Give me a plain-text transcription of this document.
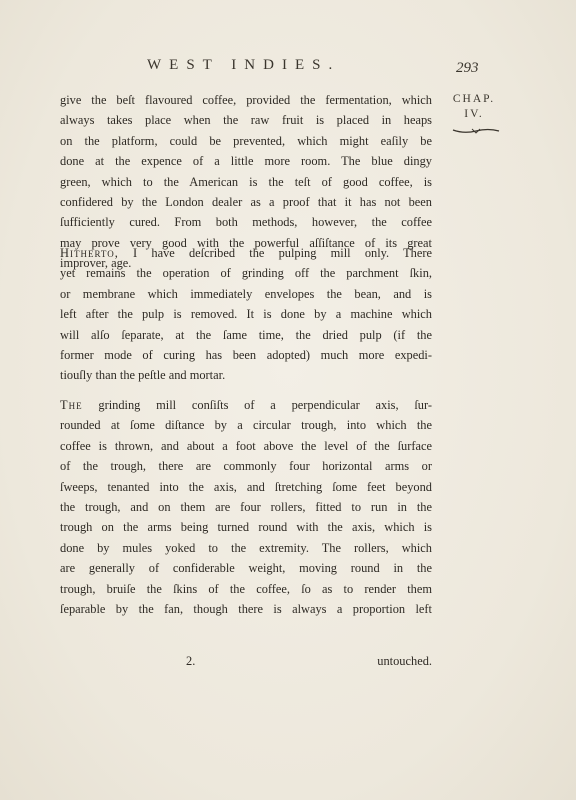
WEST INDIES.	293
CHAP.
IV.
give the beſt flavoured coffee, provided the fermentation, which
always takes place when the raw fruit is placed in heaps
on the platform, could be prevented, which might eaſily be
done at the expence of a little more room. The blue dingy
green, which to the American is the teſt of good coffee, is
confidered by the London dealer as a proof that it has not been
ſufficiently cured. From both methods, however, the coffee
may prove very good with the powerful aſſiſtance of its great
improver, age.
Hitherto, I have deſcribed the pulping mill only. There
yet remains the operation of grinding off the parchment ſkin,
or membrane which immediately envelopes the bean, and is
left after the pulp is removed. It is done by a machine which
will alſo ſeparate, at the ſame time, the dried pulp (if the
former mode of curing has been adopted) much more expedi-
tiouſly than the peſtle and mortar.
The grinding mill conſiſts of a perpendicular axis, ſur-
rounded at ſome diſtance by a circular trough, into which the
coffee is thrown, and about a foot above the level of the ſurface
of the trough, there are commonly four horizontal arms or
ſweeps, tenanted into the axis, and ſtretching ſome feet beyond
the trough, and on them are four rollers, fitted to run in the
trough on the arms being turned round with the axis, which is
done by mules yoked to the extremity. The rollers, which
are generally of confiderable weight, moving round in the
trough, bruiſe the ſkins of the coffee, ſo as to render them
ſeparable by the fan, though there is always a proportion left
2.	untouched.
